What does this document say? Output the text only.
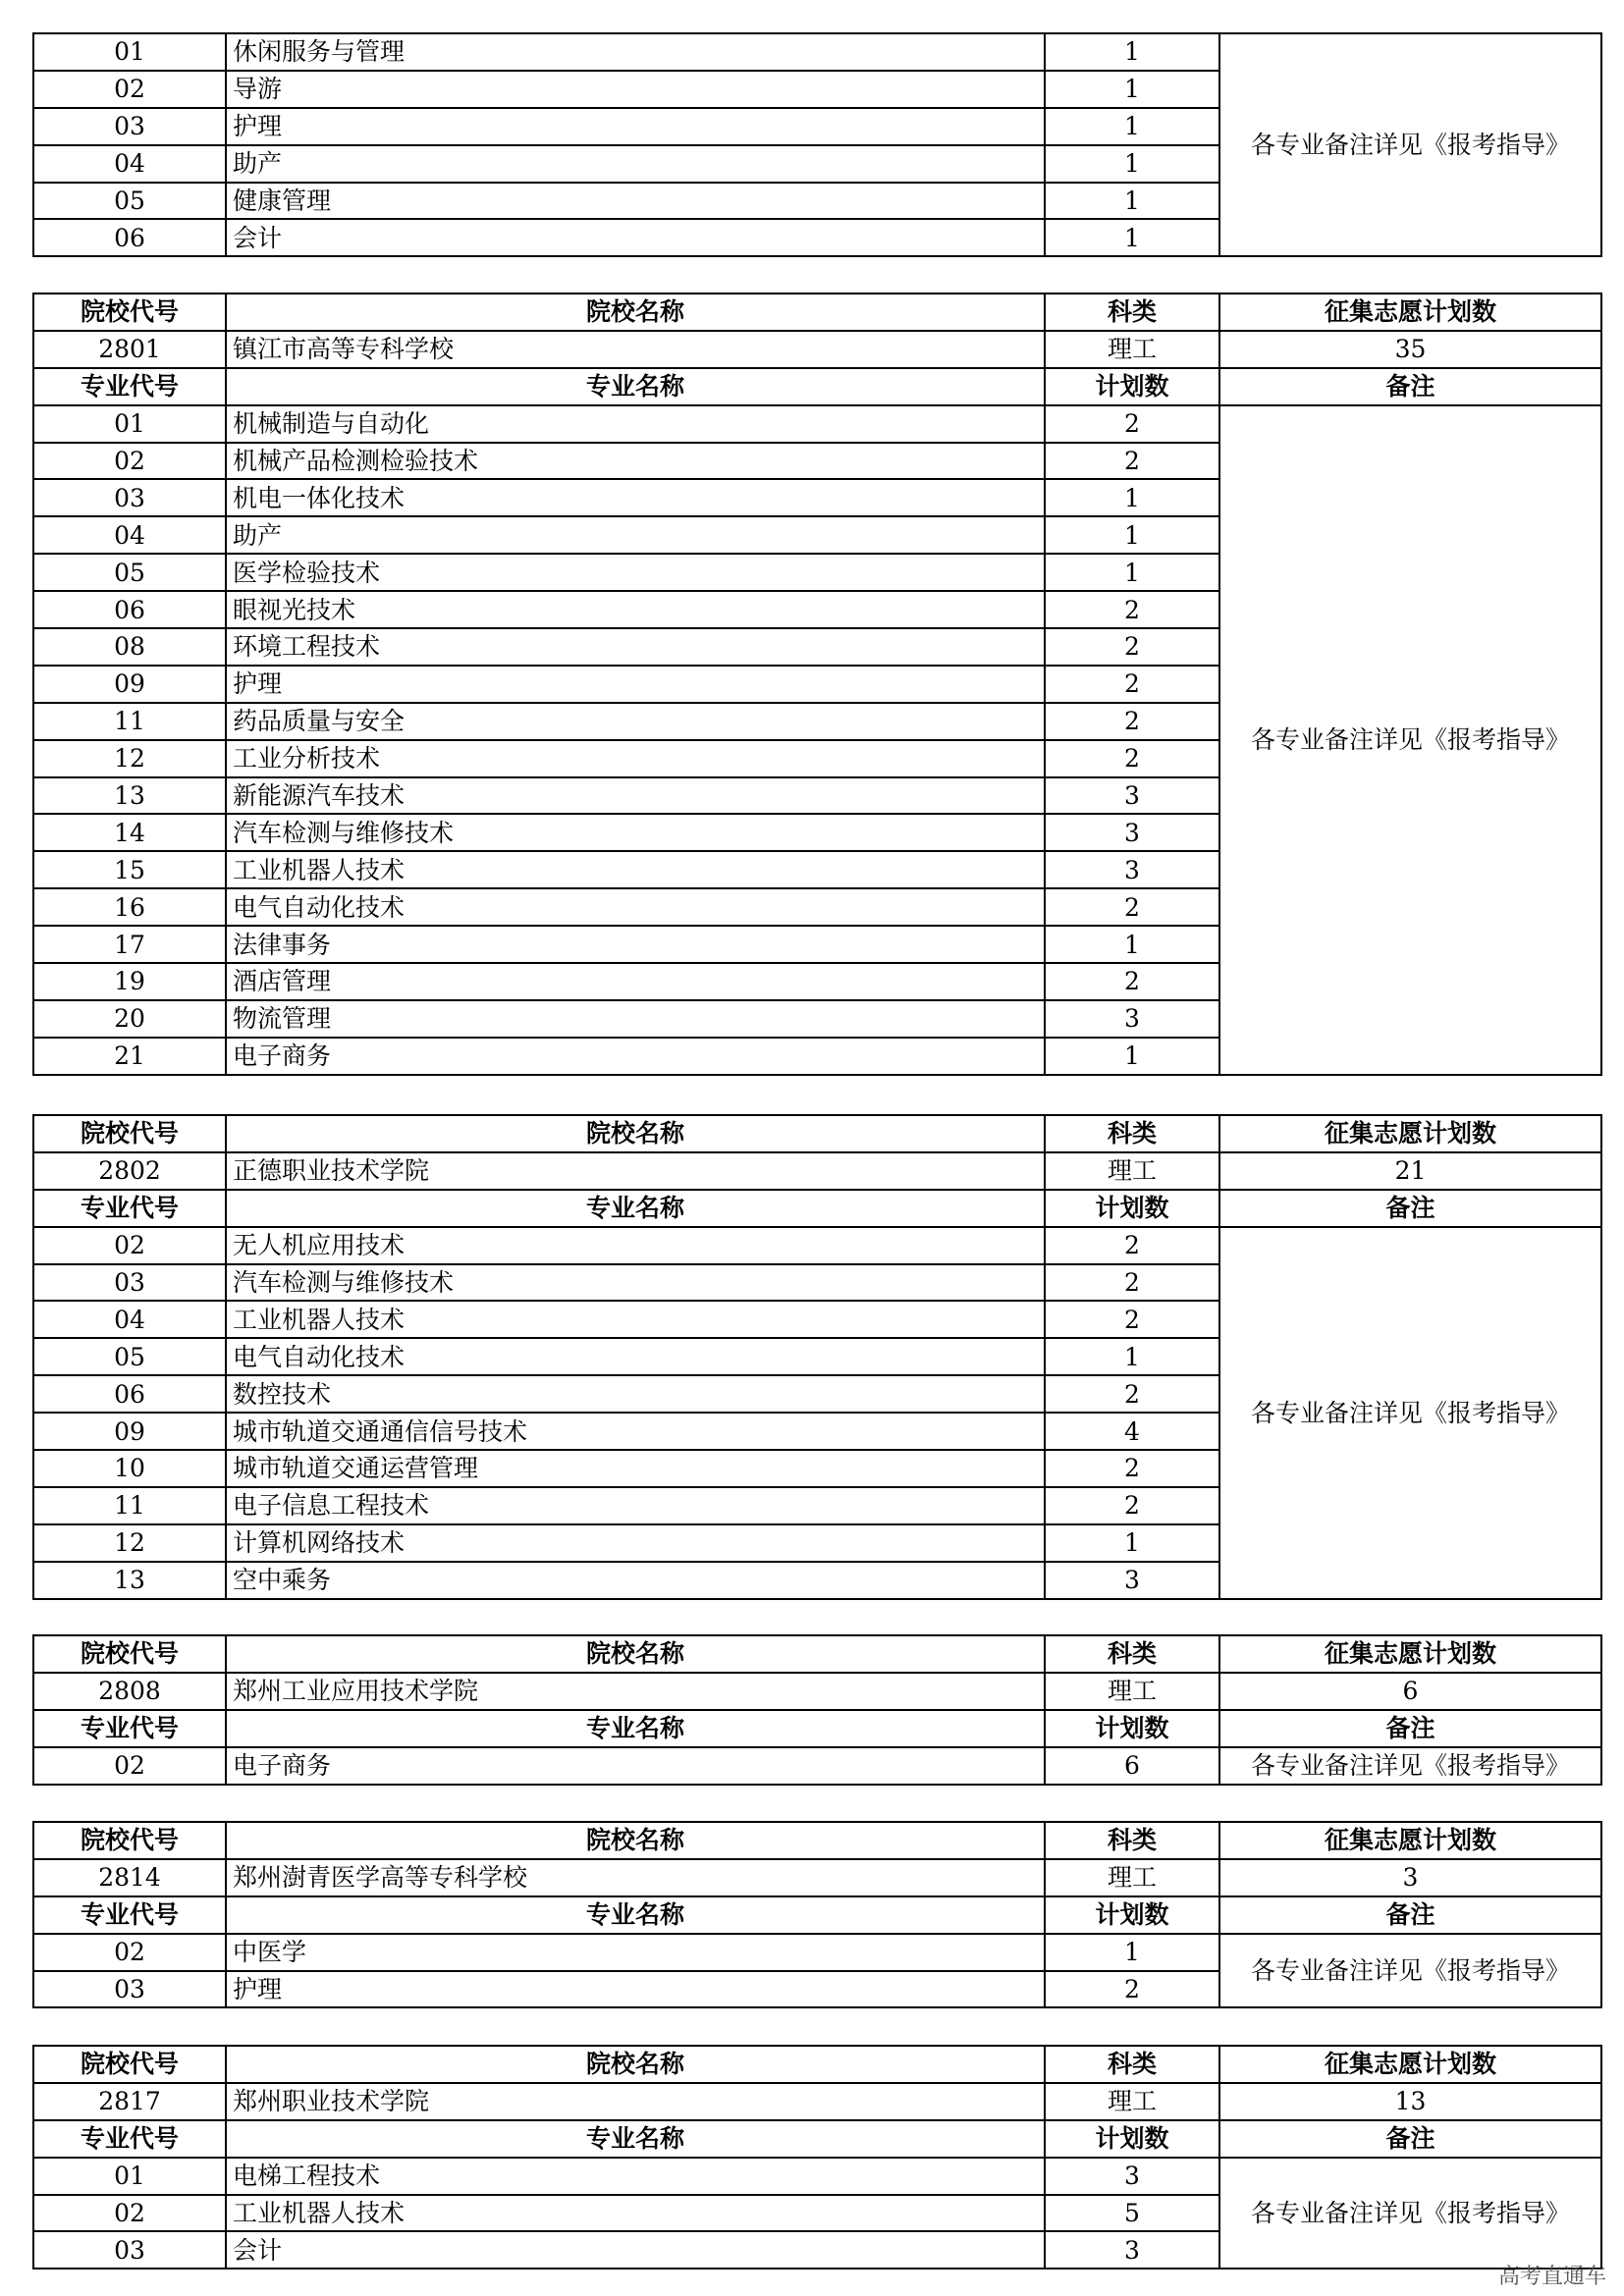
01	休闲服务与管理	1	各专业备注详见《报考指导》
02	导游	1	
03	护理	1	
04	助产	1	
05	健康管理	1	
06	会计	1	
院校代号	院校名称	科类	征集志愿计划数
2801	镇江市高等专科学校	理工	35
专业代号	专业名称	计划数	备注
01	机械制造与自动化	2	各专业备注详见《报考指导》
02	机械产品检测检验技术	2	
03	机电一体化技术	1	
04	助产	1	
05	医学检验技术	1	
06	眼视光技术	2	
08	环境工程技术	2	
09	护理	2	
11	药品质量与安全	2	
12	工业分析技术	2	
13	新能源汽车技术	3	
14	汽车检测与维修技术	3	
15	工业机器人技术	3	
16	电气自动化技术	2	
17	法律事务	1	
19	酒店管理	2	
20	物流管理	3	
21	电子商务	1	
院校代号	院校名称	科类	征集志愿计划数
2802	正德职业技术学院	理工	21
专业代号	专业名称	计划数	备注
02	无人机应用技术	2	各专业备注详见《报考指导》
03	汽车检测与维修技术	2	
04	工业机器人技术	2	
05	电气自动化技术	1	
06	数控技术	2	
09	城市轨道交通通信信号技术	4	
10	城市轨道交通运营管理	2	
11	电子信息工程技术	2	
12	计算机网络技术	1	
13	空中乘务	3	
院校代号	院校名称	科类	征集志愿计划数
2808	郑州工业应用技术学院	理工	6
专业代号	专业名称	计划数	备注
02	电子商务	6	各专业备注详见《报考指导》
院校代号	院校名称	科类	征集志愿计划数
2814	郑州澍青医学高等专科学校	理工	3
专业代号	专业名称	计划数	备注
02	中医学	1	各专业备注详见《报考指导》
03	护理	2	
院校代号	院校名称	科类	征集志愿计划数
2817	郑州职业技术学院	理工	13
专业代号	专业名称	计划数	备注
01	电梯工程技术	3	各专业备注详见《报考指导》
02	工业机器人技术	5	
03	会计	3	
高考直通车
